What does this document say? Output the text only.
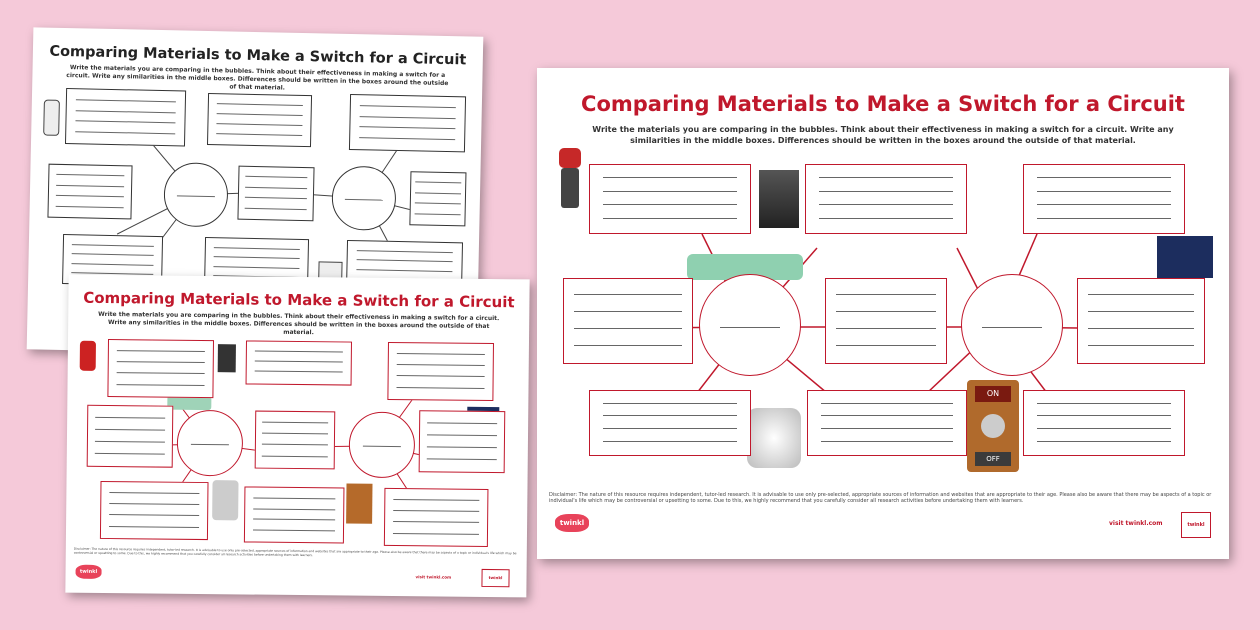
Comparing Materials to Make a Switch for a Circuit
Write the materials you are comparing in the bubbles. Think about their effectiveness in making a switch for a circuit. Write any similarities in the middle boxes. Differences should be written in the boxes around the outside of that material.
Comparing Materials to Make a Switch for a Circuit
Write the materials you are comparing in the bubbles. Think about their effectiveness in making a switch for a circuit. Write any similarities in the middle boxes. Differences should be written in the boxes around the outside of that material.
Disclaimer: The nature of this resource requires independent, tutor-led research. It is advisable to use only pre-selected, appropriate sources of information and websites that are appropriate to their age. Please also be aware that there may be aspects of a topic or individual's life which may be controversial or upsetting to some. Due to this, we highly recommend that you carefully consider all research activities before undertaking them with learners.
twinkl
visit twinkl.com	twinkl
Comparing Materials to Make a Switch for a Circuit
Write the materials you are comparing in the bubbles. Think about their effectiveness in making a switch for a circuit. Write any similarities in the middle boxes. Differences should be written in the boxes around the outside of that material.
ON
OFF
Disclaimer: The nature of this resource requires independent, tutor-led research. It is advisable to use only pre-selected, appropriate sources of information and websites that are appropriate to their age. Please also be aware that there may be aspects of a topic or individual's life which may be controversial or upsetting to some. Due to this, we highly recommend that you carefully consider all research activities before undertaking them with learners.
twinkl	visit twinkl.com	twinkl
